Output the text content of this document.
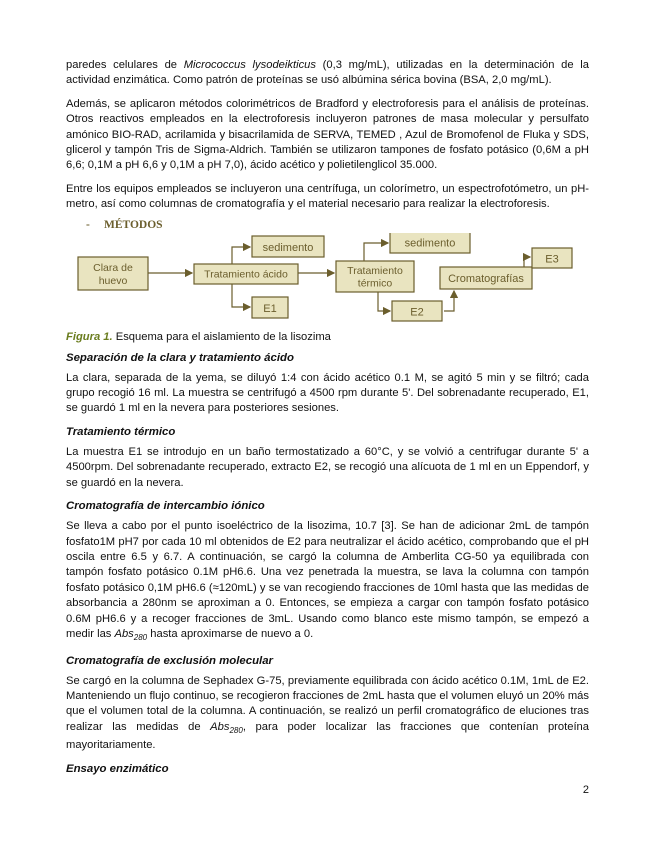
paredes celulares de Micrococcus lysodeikticus (0,3 mg/mL), utilizadas en la determinación de la actividad enzimática. Como patrón de proteínas se usó albúmina sérica bovina (BSA, 2,0 mg/mL).

Además, se aplicaron métodos colorimétricos de Bradford y electroforesis para el análisis de proteínas. Otros reactivos empleados en la electroforesis incluyeron patrones de masa molecular y persulfato amónico BIO-RAD, acrilamida y bisacrilamida de SERVA, TEMED , Azul de Bromofenol de Fluka y SDS, glicerol y tampón Tris de Sigma-Aldrich. También se utilizaron tampones de fosfato potásico (0,6M a pH 6,6; 0,1M a pH 6,6 y 0,1M a pH 7,0), ácido acético y polietilenglicol 35.000.

Entre los equipos empleados se incluyeron una centrífuga, un colorímetro, un espectrofotómetro, un pH-metro, así como columnas de cromatografía y el material necesario para realizar la electroforesis.

- MÉTODOS
Clara de
huevo
Tratamiento ácido
sedimento
E1
Tratamiento
térmico
sedimento
E2
Cromatografías
E3
Figura 1. Esquema para el aislamiento de la lisozima
Separación de la clara y tratamiento ácido

La clara, separada de la yema, se diluyó 1:4 con ácido acético 0.1 M, se agitó 5 min y se filtró; cada grupo recogió 16 ml. La muestra se centrifugó a 4500 rpm durante 5'. Del sobrenadante recuperado, E1, se guardó 1 ml en la nevera para posteriores sesiones.

Tratamiento térmico

La muestra E1 se introdujo en un baño termostatizado a 60°C, y se volvió a centrifugar durante 5' a 4500rpm. Del sobrenadante recuperado, extracto E2, se recogió una alícuota de 1 ml en un Eppendorf, y se guardó en la nevera.

Cromatografía de intercambio iónico

Se lleva a cabo por el punto isoeléctrico de la lisozima, 10.7 [3]. Se han de adicionar 2mL de tampón fosfato1M pH7 por cada 10 ml obtenidos de E2 para neutralizar el ácido acético, comprobando que el pH oscila entre 6.5 y 6.7. A continuación, se cargó la columna de Amberlita CG-50 ya equilibrada con tampón fosfato potásico 0.1M pH6.6. Una vez penetrada la muestra, se lava la columna con tampón fosfato potásico 0,1M pH6.6 (≈120mL) y se van recogiendo fracciones de 10ml hasta que las medidas de absorbancia a 280nm se aproximan a 0. Entonces, se empieza a cargar con tampón fosfato potásico 0.6M pH6.6 y a recoger fracciones de 3mL. Usando como blanco este mismo tampón, se empezó a medir las Abs$_{280}$ hasta aproximarse de nuevo a 0.

Cromatografía de exclusión molecular

Se cargó en la columna de Sephadex G-75, previamente equilibrada con ácido acético 0.1M, 1mL de E2. Manteniendo un flujo continuo, se recogieron fracciones de 2mL hasta que el volumen eluyó un 20% más que el volumen total de la columna. A continuación, se realizó un perfil cromatográfico de eluciones tras realizar las medidas de Abs$_{280}$, para poder localizar las fracciones que contenían proteína mayoritariamente.

Ensayo enzimático
2
